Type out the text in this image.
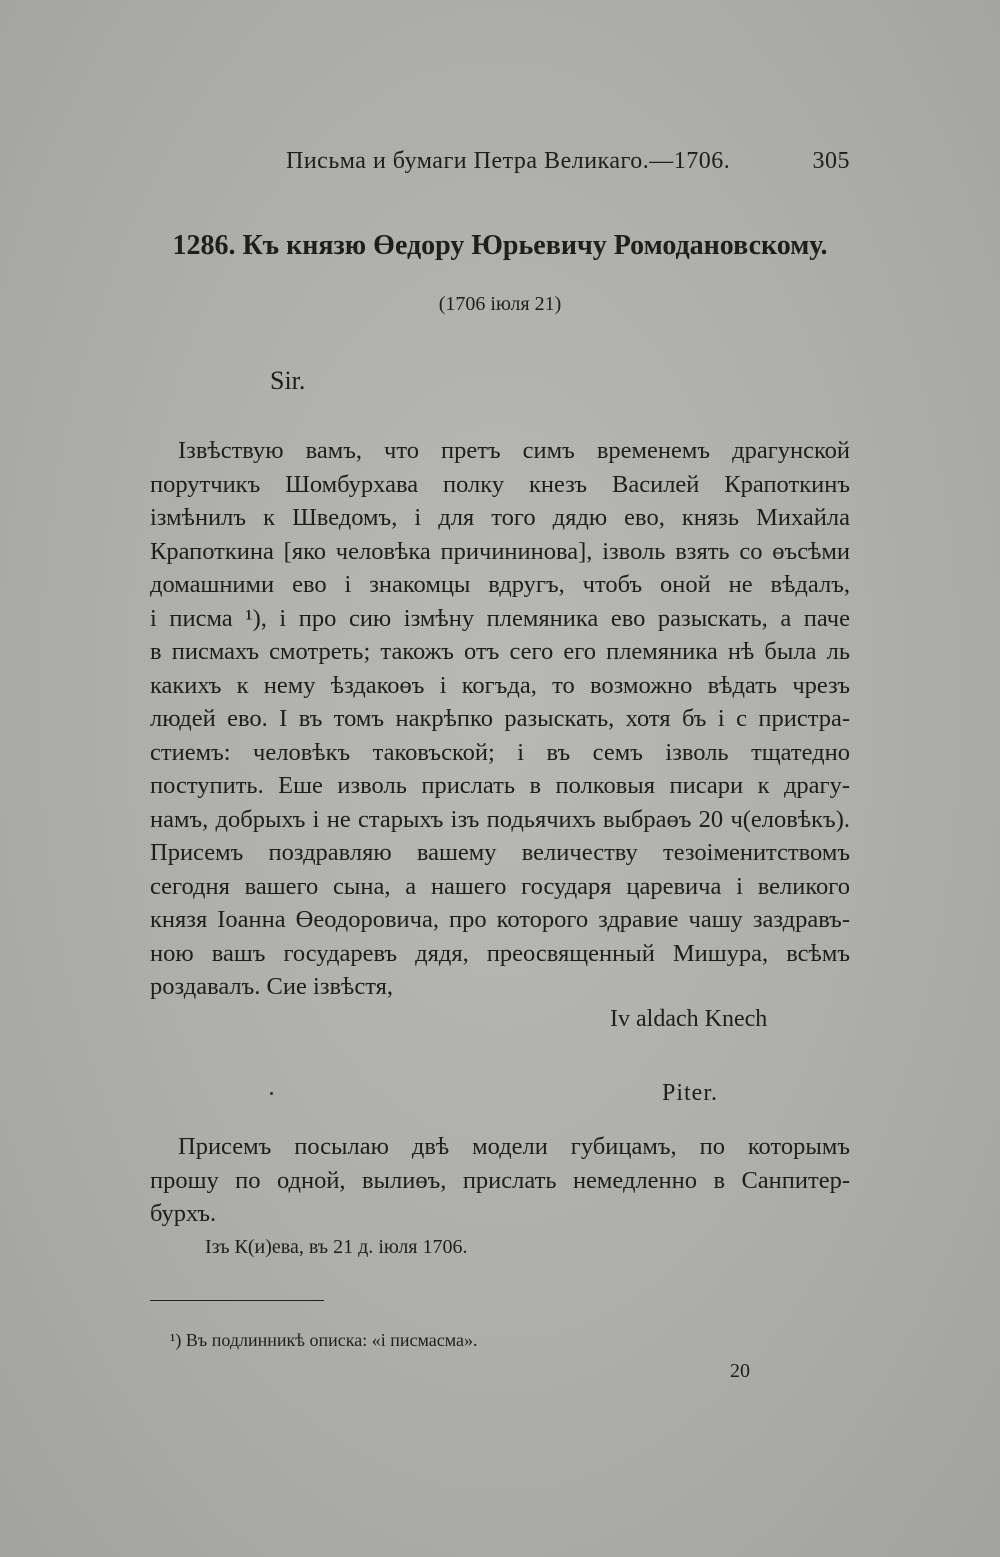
Письма и бумаги Петра Великаго.—1706.	305
1286. Къ князю Өедору Юрьевичу Ромодановскому.
(1706 іюля 21)
Sir.
Ізвѣствую вамъ, что претъ симъ временемъ драгунской
порутчикъ Шомбурхава полку кнезъ Василей Крапоткинъ
ізмѣнилъ к Шведомъ, і для того дядю ево, князь Михайла
Крапоткина [яко человѣка причининова], ізволь взять со өъсѣми
домашними ево і знакомцы вдругъ, чтобъ оной не вѣдалъ,
і писма ¹), і про сию ізмѣну племяника ево разыскать, а паче
в писмахъ смотреть; такожъ отъ сего его племяника нѣ была ль
какихъ к нему ѣздакоөъ і когъда, то возможно вѣдать чрезъ
людей ево. І въ томъ накрѣпко разыскать, хотя бъ і с пристра-
стиемъ: человѣкъ таковъской; і въ семъ ізволь тщатедно
поступить. Еше изволь прислать в полковыя писари к драгу-
намъ, добрыхъ і не старыхъ ізъ подьячихъ выбраөъ 20 ч(еловѣкъ).
Присемъ поздравляю вашему величеству тезоіменитствомъ
сегодня вашего сына, а нашего государя царевича і великого
князя Іоанна Өеодоровича, про которого здравие чашу заздравъ-
ною вашъ государевъ дядя, преосвященный Мишура, всѣмъ
роздавалъ. Сие ізвѣстя,
Iv aldach Knech
Piter.
Присемъ посылаю двѣ модели губицамъ, по которымъ
прошу по одной, вылиөъ, прислать немедленно в Санпитер-
бурхъ.
Ізъ К(и)ева, въ 21 д. іюля 1706.
¹) Въ подлинникѣ описка: «і писмасма».
20
